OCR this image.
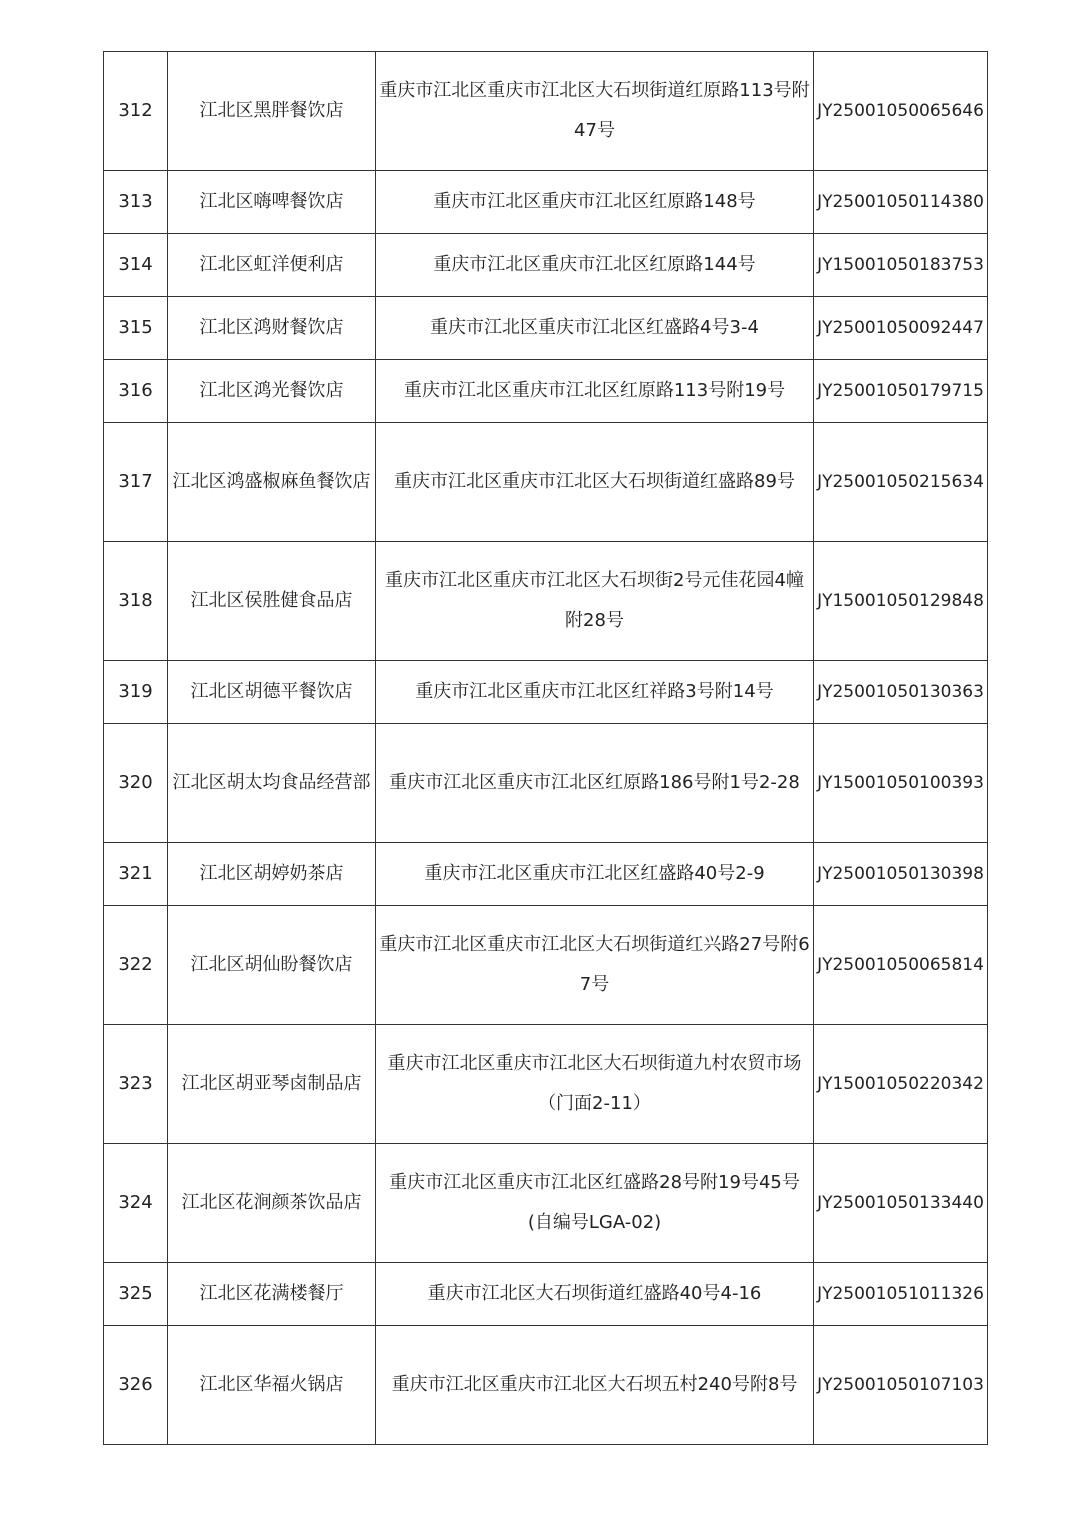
312	江北区黑胖餐饮店	重庆市江北区重庆市江北区大石坝街道红原路113号附47号	JY25001050065646
313	江北区嗨啤餐饮店	重庆市江北区重庆市江北区红原路148号	JY25001050114380
314	江北区虹洋便利店	重庆市江北区重庆市江北区红原路144号	JY15001050183753
315	江北区鸿财餐饮店	重庆市江北区重庆市江北区红盛路4号3-4	JY25001050092447
316	江北区鸿光餐饮店	重庆市江北区重庆市江北区红原路113号附19号	JY25001050179715
317	江北区鸿盛椒麻鱼餐饮店	重庆市江北区重庆市江北区大石坝街道红盛路89号	JY25001050215634
318	江北区侯胜健食品店	重庆市江北区重庆市江北区大石坝街2号元佳花园4幢附28号	JY15001050129848
319	江北区胡德平餐饮店	重庆市江北区重庆市江北区红祥路3号附14号	JY25001050130363
320	江北区胡太均食品经营部	重庆市江北区重庆市江北区红原路186号附1号2-28	JY15001050100393
321	江北区胡婷奶茶店	重庆市江北区重庆市江北区红盛路40号2-9	JY25001050130398
322	江北区胡仙盼餐饮店	重庆市江北区重庆市江北区大石坝街道红兴路27号附67号	JY25001050065814
323	江北区胡亚琴卤制品店	重庆市江北区重庆市江北区大石坝街道九村农贸市场（门面2-11）	JY15001050220342
324	江北区花涧颜茶饮品店	重庆市江北区重庆市江北区红盛路28号附19号45号(自编号LGA-02)	JY25001050133440
325	江北区花满楼餐厅	重庆市江北区大石坝街道红盛路40号4-16	JY25001051011326
326	江北区华福火锅店	重庆市江北区重庆市江北区大石坝五村240号附8号	JY25001050107103
